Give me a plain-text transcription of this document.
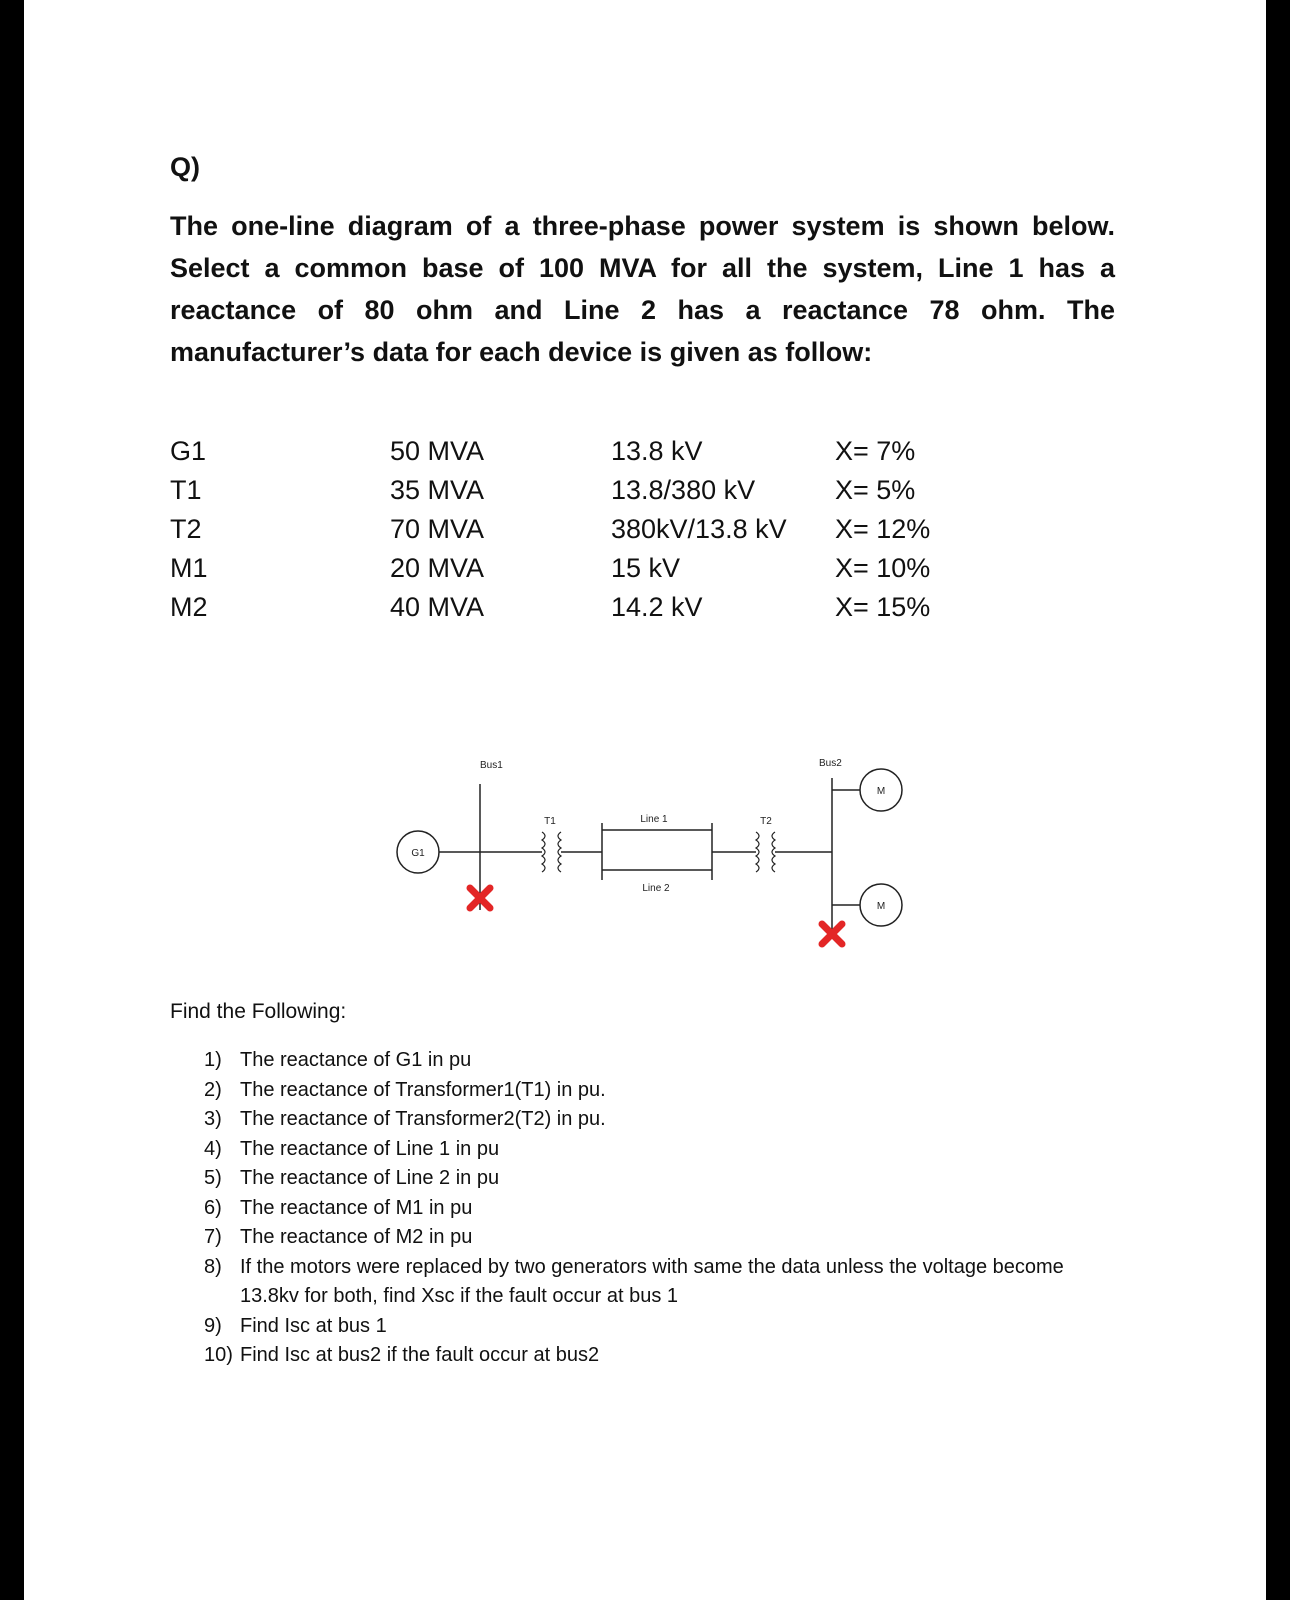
Q)

The one-line diagram of a three-phase power system is shown below. Select a common base of 100 MVA for all the system, Line 1 has a reactance of 80 ohm and Line 2 has a reactance 78 ohm. The manufacturer’s data for each device is given as follow:

G1	50 MVA	13.8 kV	X= 7%
T1	35 MVA	13.8/380 kV	X= 5%
T2	70 MVA	380kV/13.8 kV	X= 12%
M1	20 MVA	15 kV	X= 10%
M2	40 MVA	14.2 kV	X= 15%
Bus1
G1
T1	Line 1
Line 2
T2
Bus2
M
M
Find the Following:
1) The reactance of G1 in pu
2) The reactance of Transformer1(T1) in pu.
3) The reactance of Transformer2(T2) in pu.
4) The reactance of Line 1 in pu
5) The reactance of Line 2 in pu
6) The reactance of M1 in pu
7) The reactance of M2 in pu
8) If the motors were replaced by two generators with same the data unless the voltage become 13.8kv for both, find Xsc if the fault occur at bus 1
9) Find Isc at bus 1
10) Find Isc at bus2 if the fault occur at bus2
